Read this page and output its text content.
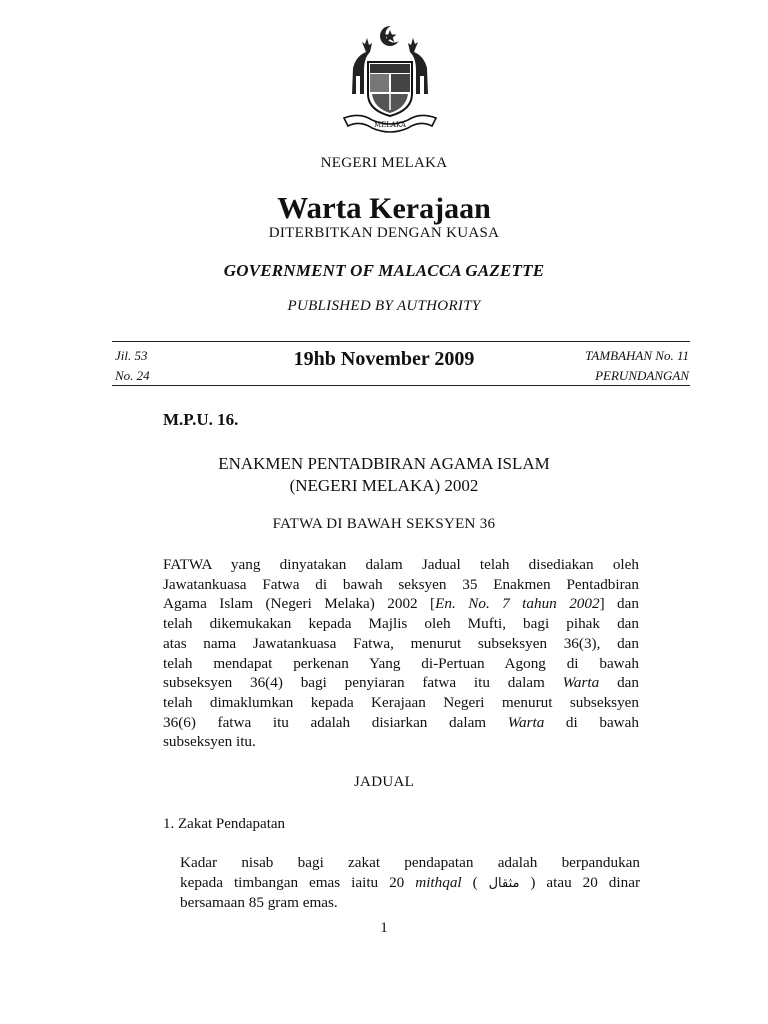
MELAKA
NEGERI MELAKA
Warta Kerajaan
DITERBITKAN DENGAN KUASA
GOVERNMENT OF MALACCA GAZETTE
PUBLISHED BY AUTHORITY
Jil. 53
No. 24
19hb November 2009	TAMBAHAN No. 11
PERUNDANGAN
M.P.U. 16.
ENAKMEN PENTADBIRAN AGAMA ISLAM
(NEGERI MELAKA) 2002
FATWA DI BAWAH SEKSYEN 36
FATWA yang dinyatakan dalam Jadual telah disediakan oleh
Jawatankuasa Fatwa di bawah seksyen 35 Enakmen Pentadbiran
Agama Islam (Negeri Melaka) 2002 [En. No. 7 tahun 2002] dan
telah dikemukakan kepada Majlis oleh Mufti, bagi pihak dan
atas nama Jawatankuasa Fatwa, menurut subseksyen 36(3), dan
telah mendapat perkenan Yang di-Pertuan Agong di bawah
subseksyen 36(4) bagi penyiaran fatwa itu dalam Warta dan
telah dimaklumkan kepada Kerajaan Negeri menurut subseksyen
36(6) fatwa itu adalah disiarkan dalam Warta di bawah
subseksyen itu.
JADUAL
1. Zakat Pendapatan
Kadar nisab bagi zakat pendapatan adalah berpandukan
kepada timbangan emas iaitu 20 mithqal ( مثقال ) atau 20 dinar
bersamaan 85 gram emas.
1
